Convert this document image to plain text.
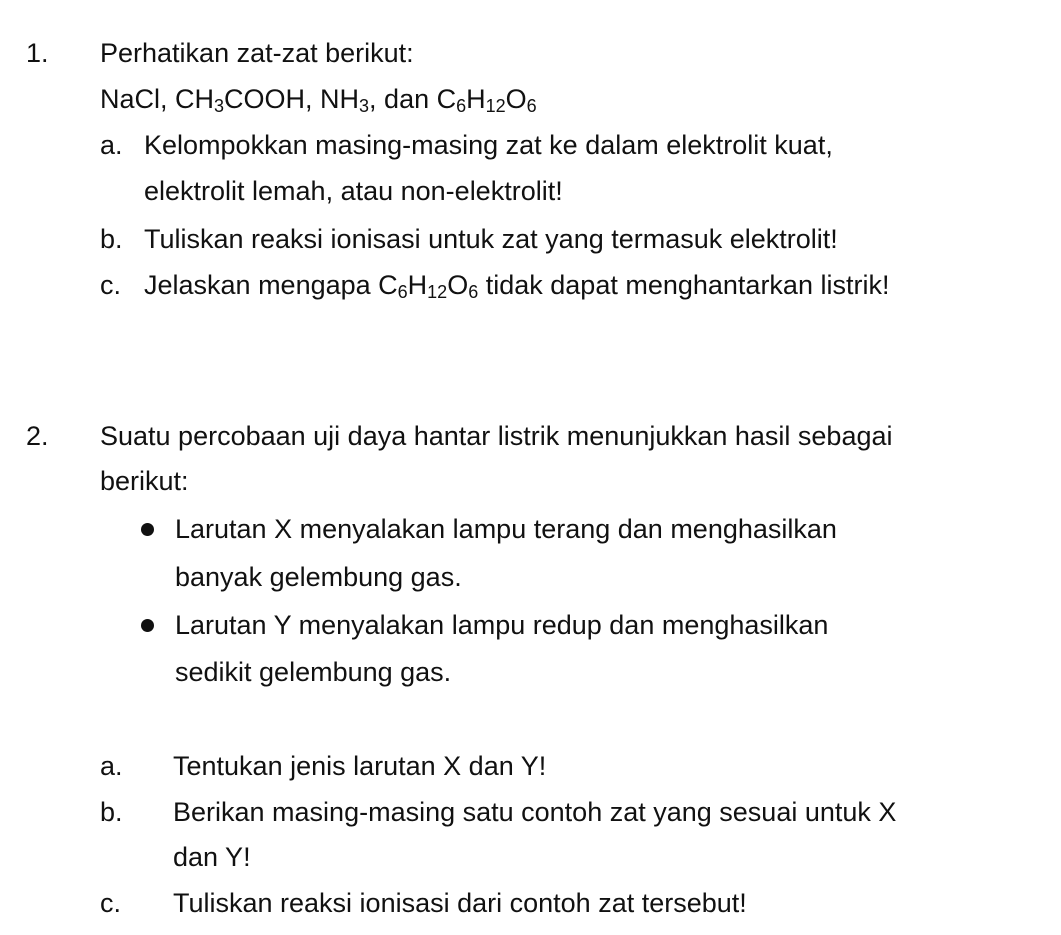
1. Perhatikan zat-zat berikut:
NaCl, $CH_3COOH$, $NH_3$, dan $C_6H_{12}O_6$
a. Kelompokkan masing-masing zat ke dalam elektrolit kuat,
elektrolit lemah, atau non-elektrolit!
b. Tuliskan reaksi ionisasi untuk zat yang termasuk elektrolit!
c. Jelaskan mengapa $C_6H_{12}O_6$ tidak dapat menghantarkan listrik!
2. Suatu percobaan uji daya hantar listrik menunjukkan hasil sebagai
berikut:
Larutan X menyalakan lampu terang dan menghasilkan
banyak gelembung gas.
Larutan Y menyalakan lampu redup dan menghasilkan
sedikit gelembung gas.
a. Tentukan jenis larutan X dan Y!
b. Berikan masing-masing satu contoh zat yang sesuai untuk X
dan Y!
c. Tuliskan reaksi ionisasi dari contoh zat tersebut!
